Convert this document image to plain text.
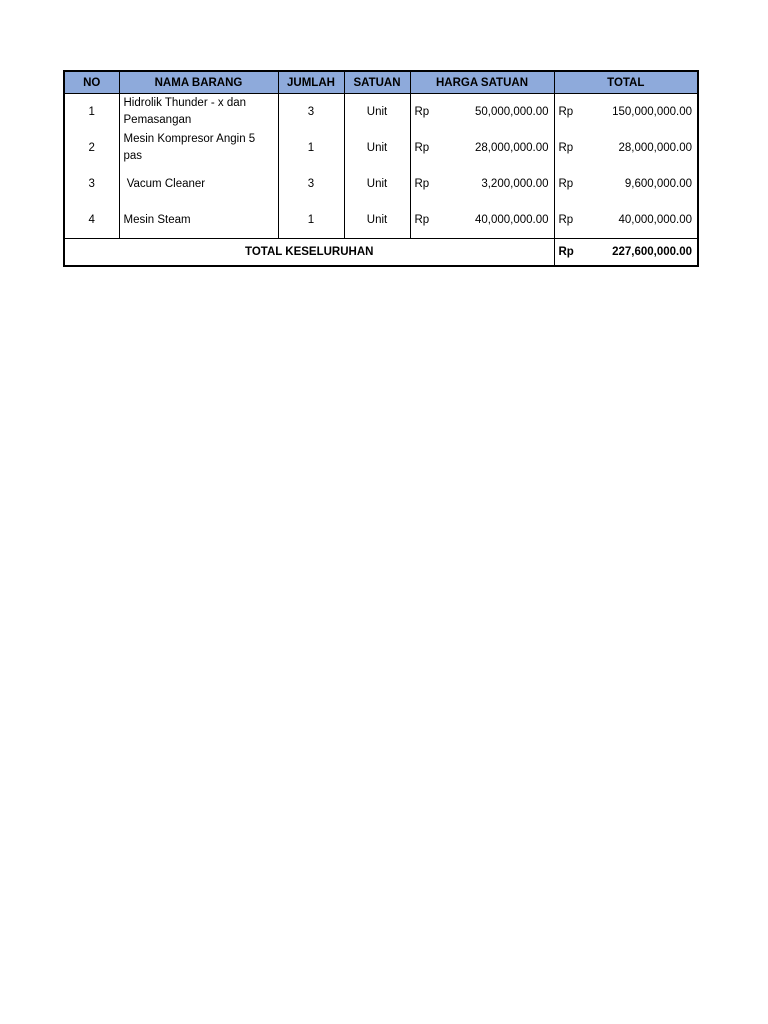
NO	NAMA BARANG	JUMLAH	SATUAN	HARGA SATUAN		TOTAL	
1	Hidrolik Thunder - x dan Pemasangan	3	Unit	Rp	50,000,000.00	Rp	150,000,000.00
2	Mesin Kompresor Angin 5 pas	1	Unit	Rp	28,000,000.00	Rp	28,000,000.00
3	Vacum Cleaner	3	Unit	Rp	3,200,000.00	Rp	9,600,000.00
4	Mesin Steam	1	Unit	Rp	40,000,000.00	Rp	40,000,000.00
TOTAL KESELURUHAN						Rp	227,600,000.00
